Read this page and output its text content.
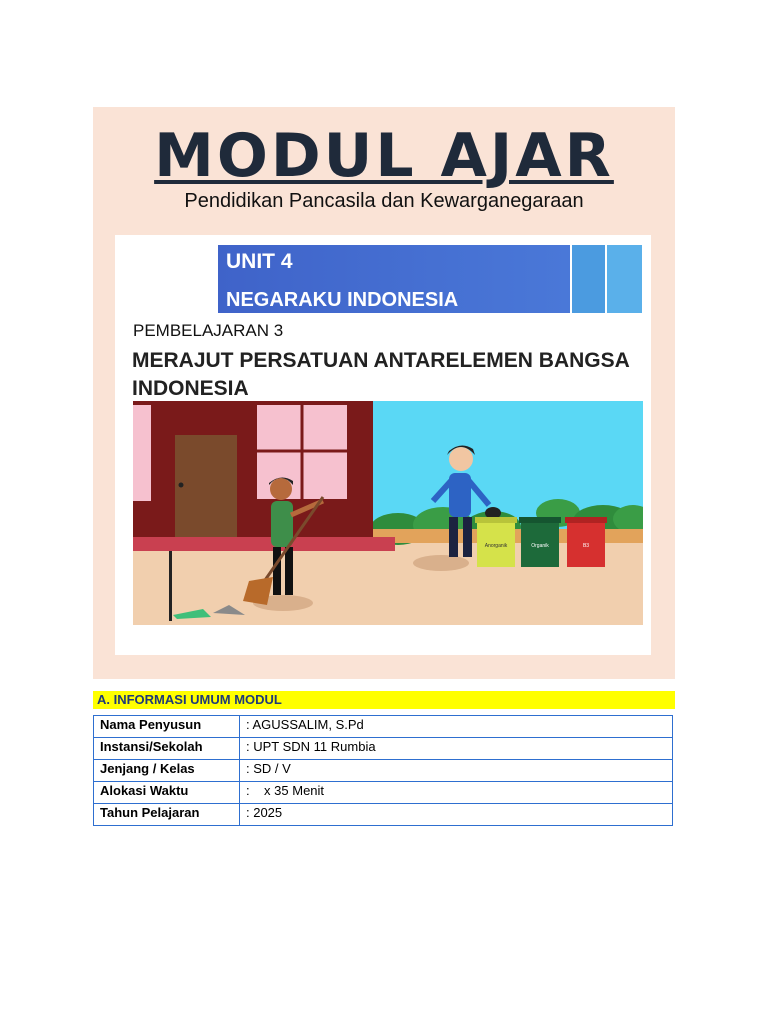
MODUL AJAR
Pendidikan Pancasila dan Kewarganegaraan
UNIT 4
NEGARAKU INDONESIA
PEMBELAJARAN 3
MERAJUT PERSATUAN ANTARELEMEN BANGSA INDONESIA
Anorganik	Organik	B3
A. INFORMASI UMUM MODUL
Nama Penyusun	: AGUSSALIM, S.Pd
Instansi/Sekolah	: UPT SDN 11 Rumbia
Jenjang / Kelas	: SD / V
Alokasi Waktu	:    x 35 Menit
Tahun Pelajaran	: 2025
